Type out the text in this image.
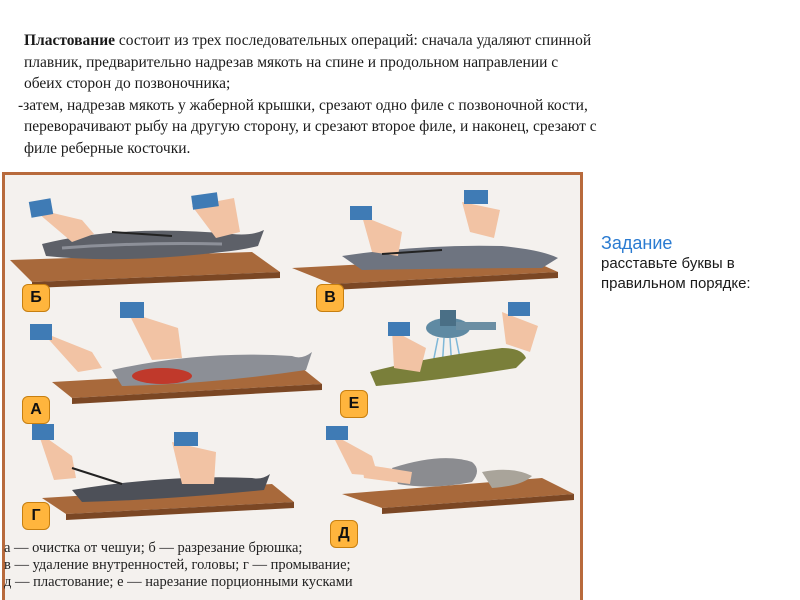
Пластование состоит из трех последовательных операций: сначала удаляют спинной

плавник, предварительно надрезав мякоть на спине и продольном направлении с

обеих сторон до позвоночника;

-затем, надрезав мякоть у жаберной крышки, срезают одно филе с позвоночной кости,

переворачивают рыбу на другую сторону, и срезают второе филе, и наконец, срезают с

филе реберные косточки.

Задание
расставьте буквы в правильном порядке:
Б	В
А	Е
Г
Д
а — очистка от чешуи; б — разрезание брюшка;
в — удаление внутренностей, головы; г — промывание;
д — пластование; е — нарезание порционными кусками
